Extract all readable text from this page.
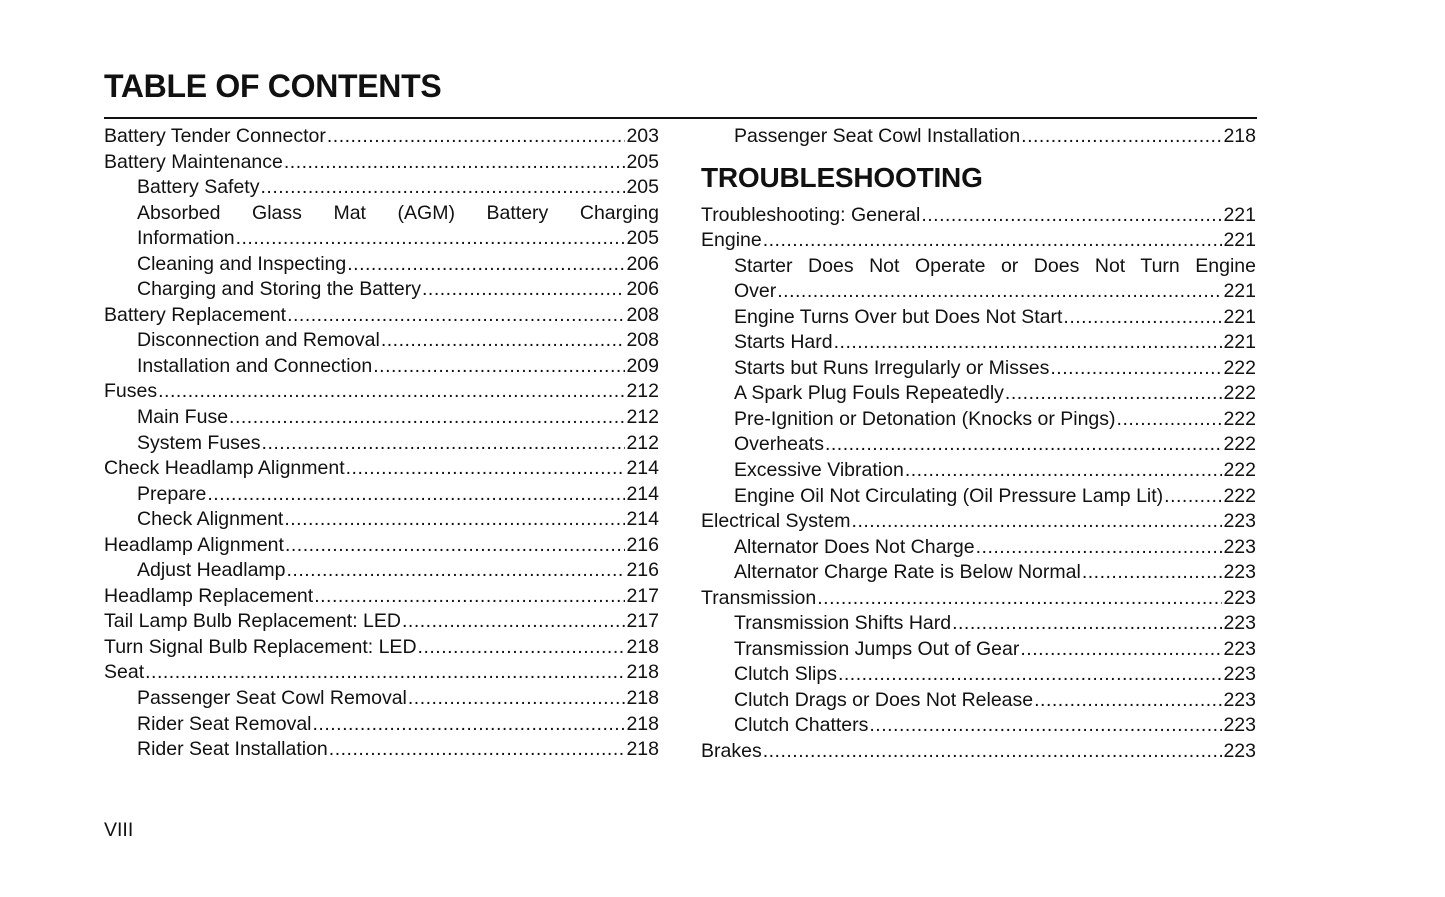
TABLE OF CONTENTS
Battery Tender Connector .....	203
Battery Maintenance .....	205
Battery Safety .....	205
Absorbed Glass Mat (AGM) Battery Charging
Information .....	205
Cleaning and Inspecting .....	206
Charging and Storing the Battery .....	206
Battery Replacement .....	208
Disconnection and Removal .....	208
Installation and Connection .....	209
Fuses .....	212
Main Fuse .....	212
System Fuses .....	212
Check Headlamp Alignment .....	214
Prepare .....	214
Check Alignment .....	214
Headlamp Alignment .....	216
Adjust Headlamp .....	216
Headlamp Replacement .....	217
Tail Lamp Bulb Replacement: LED .....	217
Turn Signal Bulb Replacement: LED .....	218
Seat .....	218
Passenger Seat Cowl Removal .....	218
Rider Seat Removal .....	218
Rider Seat Installation .....	218
Passenger Seat Cowl Installation .....	218
TROUBLESHOOTING
Troubleshooting: General .....	221
Engine .....	221
Starter Does Not Operate or Does Not Turn Engine
Over .....	221
Engine Turns Over but Does Not Start .....	221
Starts Hard .....	221
Starts but Runs Irregularly or Misses .....	222
A Spark Plug Fouls Repeatedly .....	222
Pre-Ignition or Detonation (Knocks or Pings) .....	222
Overheats .....	222
Excessive Vibration .....	222
Engine Oil Not Circulating (Oil Pressure Lamp Lit) .....	222
Electrical System .....	223
Alternator Does Not Charge .....	223
Alternator Charge Rate is Below Normal .....	223
Transmission .....	223
Transmission Shifts Hard .....	223
Transmission Jumps Out of Gear .....	223
Clutch Slips .....	223
Clutch Drags or Does Not Release .....	223
Clutch Chatters .....	223
Brakes .....	223
VIII
